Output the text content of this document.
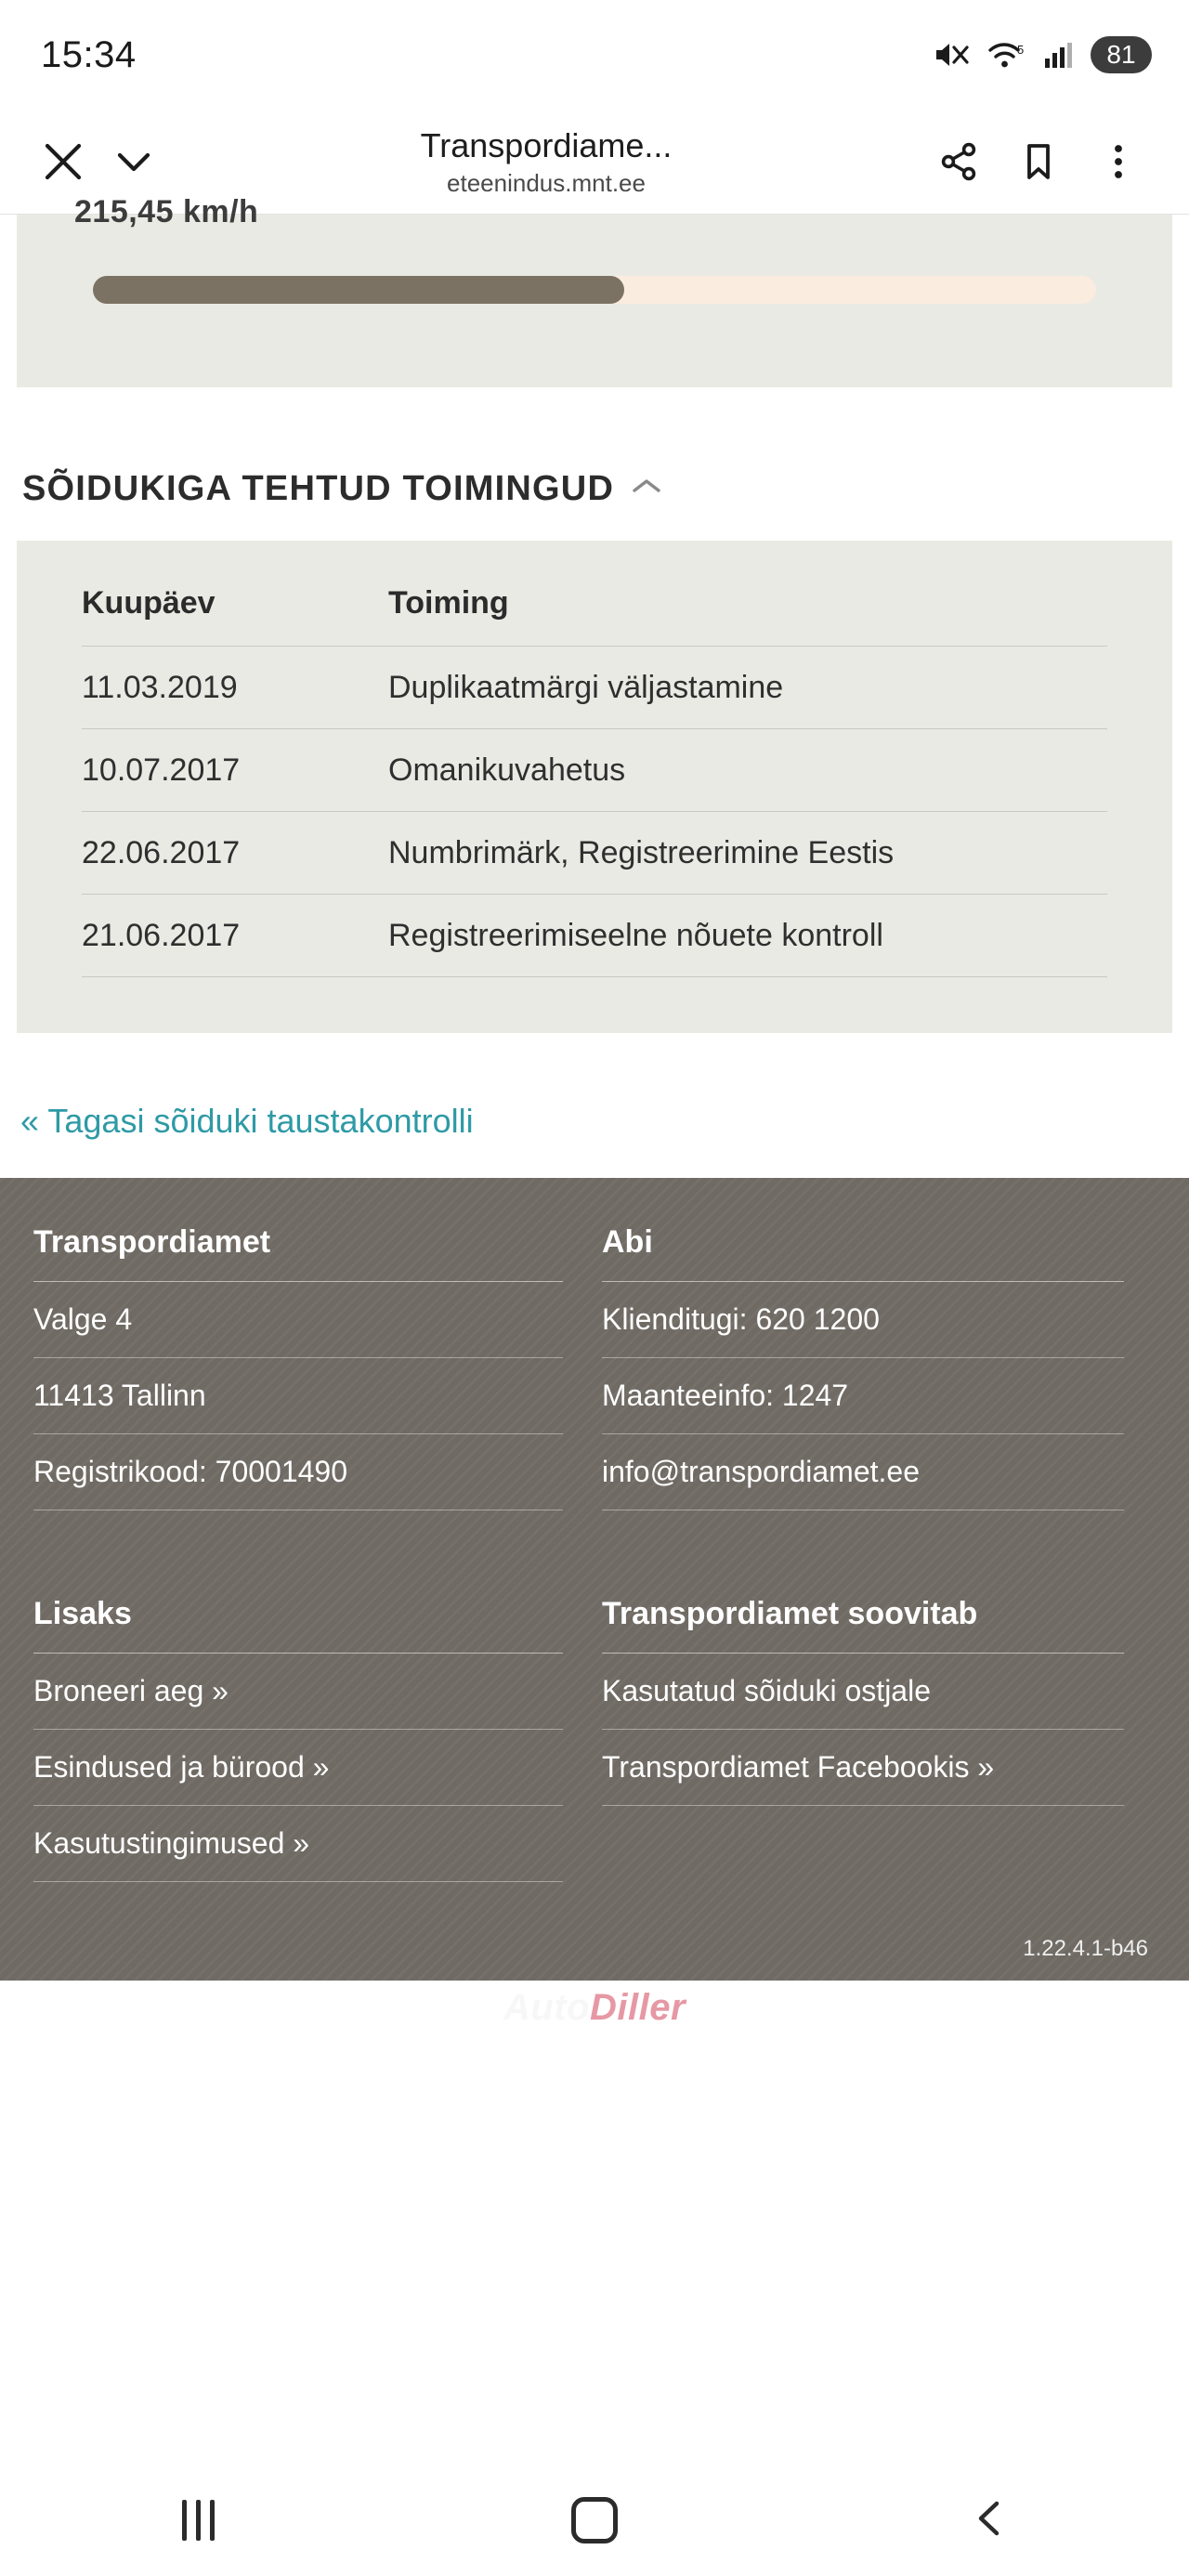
15:34	5	81
Transpordiame...
eteenindus.mnt.ee
215,45 km/h
SÕIDUKIGA TEHTUD TOIMINGUD
Kuupäev	Toiming
11.03.2019	Duplikaatmärgi väljastamine
10.07.2017	Omanikuvahetus
22.06.2017	Numbrimärk, Registreerimine Eestis
21.06.2017	Registreerimiseelne nõuete kontroll
« Tagasi sõiduki taustakontrolli
Transpordiamet
Valge 4
11413 Tallinn
Registrikood: 70001490
Abi
Klienditugi: 620 1200
Maanteeinfo: 1247
info@transpordiamet.ee
Lisaks
Broneeri aeg »
Esindused ja bürood »
Kasutustingimused »
Transpordiamet soovitab
Kasutatud sõiduki ostjale
Transpordiamet Facebookis »
1.22.4.1-b46
AutoDiller
